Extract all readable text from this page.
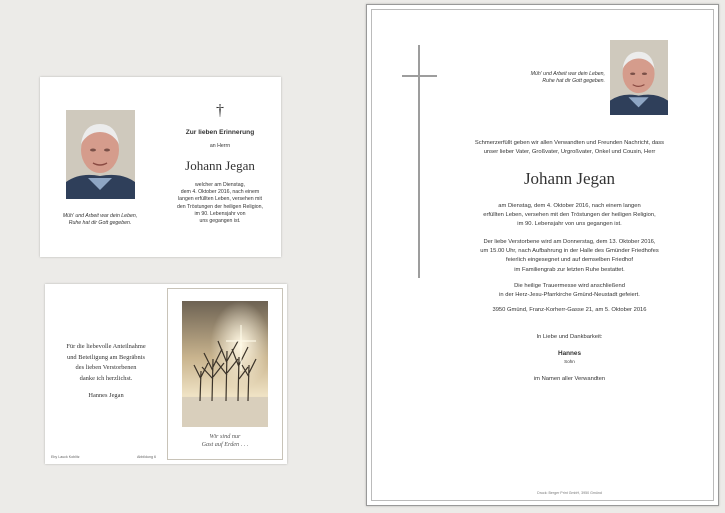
Müh' und Arbeit war dein Leben,
Ruhe hat dir Gott gegeben.
†
Zur lieben Erinnerung
an Herrn
Johann Jegan
welcher am Dienstag,
dem 4. Oktober 2016, nach einem
langen erfüllten Leben, versehen mit
den Tröstungen der heiligen Religion,
im 90. Lebensjahr von
uns gegangen ist.
Für die liebevolle Anteilnahme
und Beteiligung am Begräbnis
des lieben Verstorbenen
danke ich herzlichst.
Hannes Jegan
Eby Lauck Koblitz	Abbildung 6
Wir sind nur
Gast auf Erden . . .
Müh' und Arbeit war dein Leben,
Ruhe hat dir Gott gegeben.
Schmerzerfüllt geben wir allen Verwandten und Freunden Nachricht, dass
unser lieber Vater, Großvater, Urgroßvater, Onkel und Cousin, Herr
Johann Jegan
am Dienstag, dem 4. Oktober 2016, nach einem langen
erfüllten Leben, versehen mit den Tröstungen der heiligen Religion,
im 90. Lebensjahr von uns gegangen ist.
Der liebe Verstorbene wird am Donnerstag, dem 13. Oktober 2016,
um 15.00 Uhr, nach Aufbahrung in der Halle des Gmünder Friedhofes
feierlich eingesegnet und auf demselben Friedhof
im Familiengrab zur letzten Ruhe bestattet.
Die heilige Trauermesse wird anschließend
in der Herz-Jesu-Pfarrkirche Gmünd-Neustadt gefeiert.
3950 Gmünd, Franz-Korherr-Gasse 21, am 5. Oktober 2016
In Liebe und Dankbarkeit:
Hannes
Sohn
im Namen aller Verwandten
Druck: Berger Print GmbH, 3950 Gmünd
